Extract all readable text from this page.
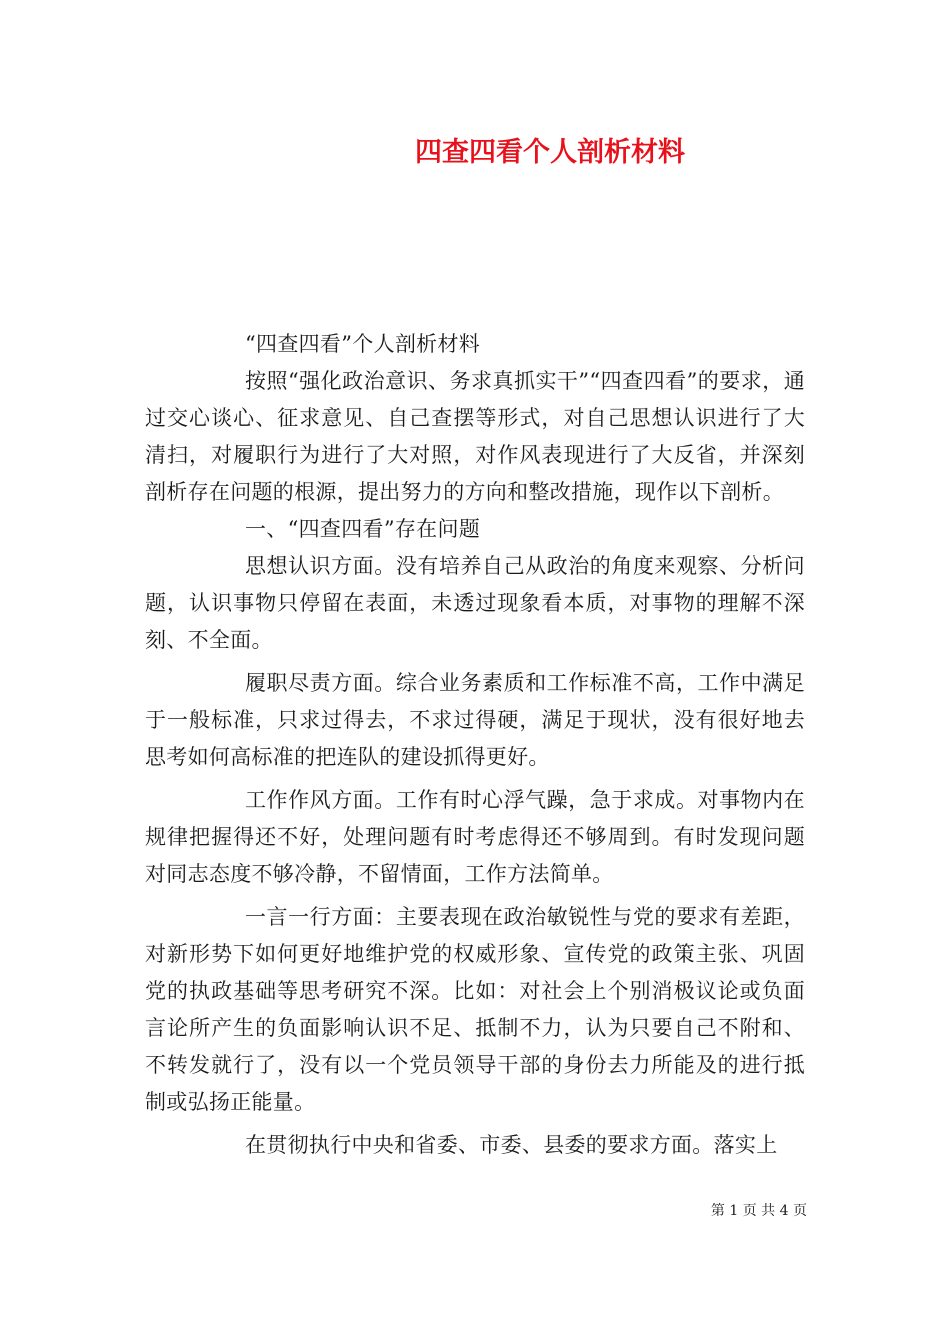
四查四看个人剖析材料

“四查四看”个人剖析材料

按照“强化政治意识、务求真抓实干”“四查四看”的要求，通过交心谈心、征求意见、自己查摆等形式，对自己思想认识进行了大清扫，对履职行为进行了大对照，对作风表现进行了大反省，并深刻剖析存在问题的根源，提出努力的方向和整改措施，现作以下剖析。

一、“四查四看”存在问题

思想认识方面。没有培养自己从政治的角度来观察、分析问题，认识事物只停留在表面，未透过现象看本质，对事物的理解不深刻、不全面。

履职尽责方面。综合业务素质和工作标准不高，工作中满足于一般标准，只求过得去，不求过得硬，满足于现状，没有很好地去思考如何高标准的把连队的建设抓得更好。

工作作风方面。工作有时心浮气躁，急于求成。对事物内在规律把握得还不好，处理问题有时考虑得还不够周到。有时发现问题对同志态度不够冷静，不留情面，工作方法简单。

一言一行方面：主要表现在政治敏锐性与党的要求有差距，对新形势下如何更好地维护党的权威形象、宣传党的政策主张、巩固党的执政基础等思考研究不深。比如：对社会上个别消极议论或负面言论所产生的负面影响认识不足、抵制不力，认为只要自己不附和、不转发就行了，没有以一个党员领导干部的身份去力所能及的进行抵制或弘扬正能量。

在贯彻执行中央和省委、市委、县委的要求方面。落实上

第 1 页 共 4 页
